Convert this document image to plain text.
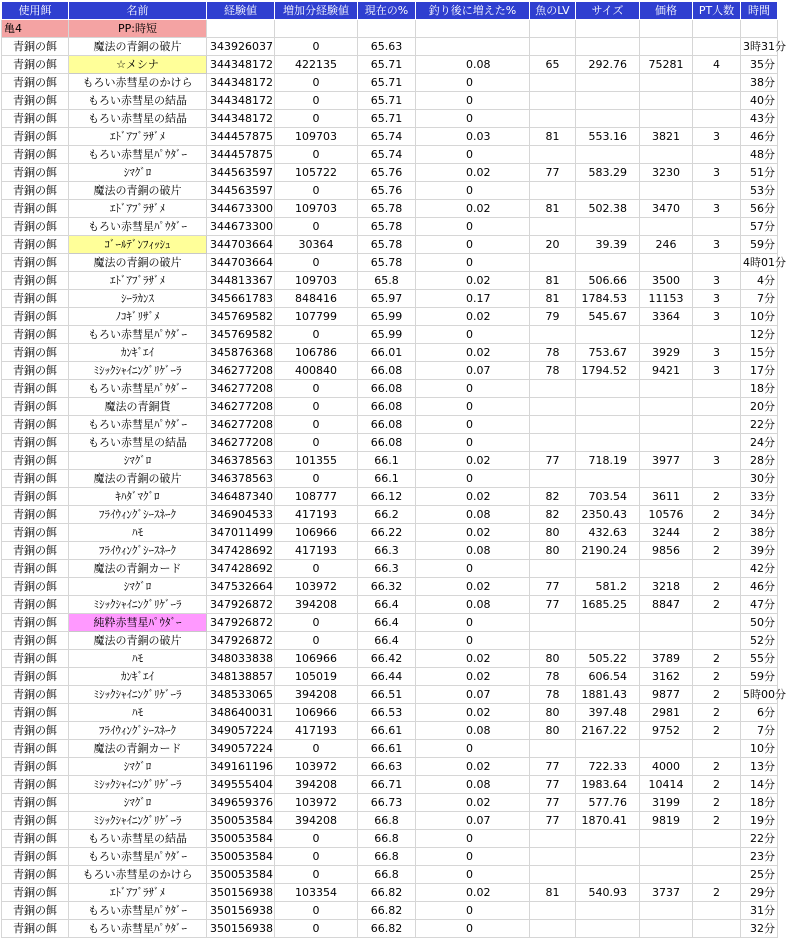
使用餌	名前	経験値	増加分経験値	現在の%	釣り後に増えた%	魚のLV	サイズ	価格	PT人数	時間
亀4	PP:時短									
青銅の餌	魔法の青銅の破片	343926037	0	65.63						3時31分
青銅の餌	☆メシナ	344348172	422135	65.71	0.08	65	292.76	75281	4	35分
青銅の餌	もろい赤彗星のかけら	344348172	0	65.71	0					38分
青銅の餌	もろい赤彗星の結晶	344348172	0	65.71	0					40分
青銅の餌	もろい赤彗星の結晶	344348172	0	65.71	0					43分
青銅の餌	ｴﾄﾞｱﾌﾞﾗｻﾞﾒ	344457875	109703	65.74	0.03	81	553.16	3821	3	46分
青銅の餌	もろい赤彗星ﾊﾟｳﾀﾞｰ	344457875	0	65.74	0					48分
青銅の餌	ｼﾏｸﾞﾛ	344563597	105722	65.76	0.02	77	583.29	3230	3	51分
青銅の餌	魔法の青銅の破片	344563597	0	65.76	0					53分
青銅の餌	ｴﾄﾞｱﾌﾞﾗｻﾞﾒ	344673300	109703	65.78	0.02	81	502.38	3470	3	56分
青銅の餌	もろい赤彗星ﾊﾟｳﾀﾞｰ	344673300	0	65.78	0					57分
青銅の餌	ｺﾞｰﾙﾃﾞﾝﾌｨｯｼｭ	344703664	30364	65.78	0	20	39.39	246	3	59分
青銅の餌	魔法の青銅の破片	344703664	0	65.78	0					4時01分
青銅の餌	ｴﾄﾞｱﾌﾞﾗｻﾞﾒ	344813367	109703	65.8	0.02	81	506.66	3500	3	4分
青銅の餌	ｼｰﾗｶﾝｽ	345661783	848416	65.97	0.17	81	1784.53	11153	3	7分
青銅の餌	ﾉｺｷﾞﾘｻﾞﾒ	345769582	107799	65.99	0.02	79	545.67	3364	3	10分
青銅の餌	もろい赤彗星ﾊﾟｳﾀﾞｰ	345769582	0	65.99	0					12分
青銅の餌	ｶﾝｷﾞｴｲ	345876368	106786	66.01	0.02	78	753.67	3929	3	15分
青銅の餌	ﾐｼｯｸｼｬｲﾆﾝｸﾞﾘｹﾞｰﾗ	346277208	400840	66.08	0.07	78	1794.52	9421	3	17分
青銅の餌	もろい赤彗星ﾊﾟｳﾀﾞｰ	346277208	0	66.08	0					18分
青銅の餌	魔法の青銅貨	346277208	0	66.08	0					20分
青銅の餌	もろい赤彗星ﾊﾟｳﾀﾞｰ	346277208	0	66.08	0					22分
青銅の餌	もろい赤彗星の結晶	346277208	0	66.08	0					24分
青銅の餌	ｼﾏｸﾞﾛ	346378563	101355	66.1	0.02	77	718.19	3977	3	28分
青銅の餌	魔法の青銅の破片	346378563	0	66.1	0					30分
青銅の餌	ｷﾊﾀﾞﾏｸﾞﾛ	346487340	108777	66.12	0.02	82	703.54	3611	2	33分
青銅の餌	ﾌﾗｲｳｨﾝｸﾞｼｰｽﾈｰｸ	346904533	417193	66.2	0.08	82	2350.43	10576	2	34分
青銅の餌	ﾊﾓ	347011499	106966	66.22	0.02	80	432.63	3244	2	38分
青銅の餌	ﾌﾗｲｳｨﾝｸﾞｼｰｽﾈｰｸ	347428692	417193	66.3	0.08	80	2190.24	9856	2	39分
青銅の餌	魔法の青銅カード	347428692	0	66.3	0					42分
青銅の餌	ｼﾏｸﾞﾛ	347532664	103972	66.32	0.02	77	581.2	3218	2	46分
青銅の餌	ﾐｼｯｸｼｬｲﾆﾝｸﾞﾘｹﾞｰﾗ	347926872	394208	66.4	0.08	77	1685.25	8847	2	47分
青銅の餌	純粋赤彗星ﾊﾟｳﾀﾞｰ	347926872	0	66.4	0					50分
青銅の餌	魔法の青銅の破片	347926872	0	66.4	0					52分
青銅の餌	ﾊﾓ	348033838	106966	66.42	0.02	80	505.22	3789	2	55分
青銅の餌	ｶﾝｷﾞｴｲ	348138857	105019	66.44	0.02	78	606.54	3162	2	59分
青銅の餌	ﾐｼｯｸｼｬｲﾆﾝｸﾞﾘｹﾞｰﾗ	348533065	394208	66.51	0.07	78	1881.43	9877	2	5時00分
青銅の餌	ﾊﾓ	348640031	106966	66.53	0.02	80	397.48	2981	2	6分
青銅の餌	ﾌﾗｲｳｨﾝｸﾞｼｰｽﾈｰｸ	349057224	417193	66.61	0.08	80	2167.22	9752	2	7分
青銅の餌	魔法の青銅カード	349057224	0	66.61	0					10分
青銅の餌	ｼﾏｸﾞﾛ	349161196	103972	66.63	0.02	77	722.33	4000	2	13分
青銅の餌	ﾐｼｯｸｼｬｲﾆﾝｸﾞﾘｹﾞｰﾗ	349555404	394208	66.71	0.08	77	1983.64	10414	2	14分
青銅の餌	ｼﾏｸﾞﾛ	349659376	103972	66.73	0.02	77	577.76	3199	2	18分
青銅の餌	ﾐｼｯｸｼｬｲﾆﾝｸﾞﾘｹﾞｰﾗ	350053584	394208	66.8	0.07	77	1870.41	9819	2	19分
青銅の餌	もろい赤彗星の結晶	350053584	0	66.8	0					22分
青銅の餌	もろい赤彗星ﾊﾟｳﾀﾞｰ	350053584	0	66.8	0					23分
青銅の餌	もろい赤彗星のかけら	350053584	0	66.8	0					25分
青銅の餌	ｴﾄﾞｱﾌﾞﾗｻﾞﾒ	350156938	103354	66.82	0.02	81	540.93	3737	2	29分
青銅の餌	もろい赤彗星ﾊﾟｳﾀﾞｰ	350156938	0	66.82	0					31分
青銅の餌	もろい赤彗星ﾊﾟｳﾀﾞｰ	350156938	0	66.82	0					32分
